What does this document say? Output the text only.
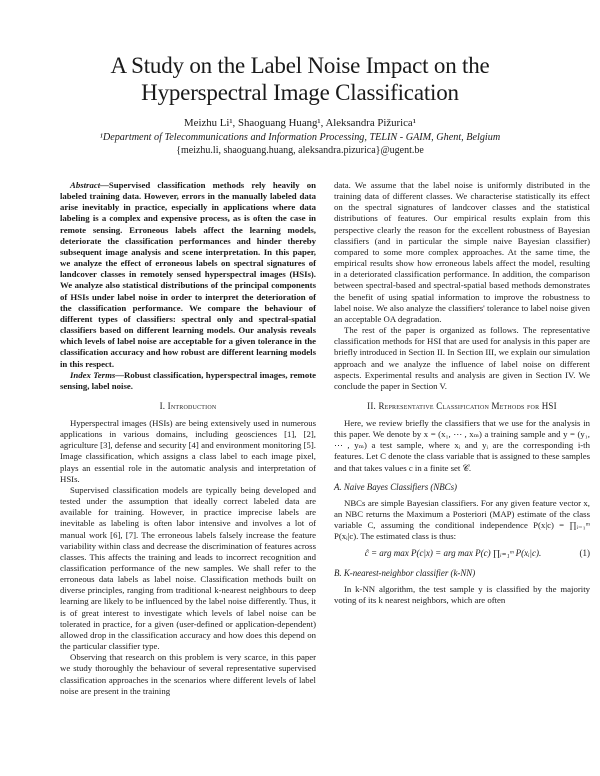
A Study on the Label Noise Impact on the
Hyperspectral Image Classification
Meizhu Li¹, Shaoguang Huang¹, Aleksandra Pižurica¹
¹Department of Telecommunications and Information Processing, TELIN - GAIM, Ghent, Belgium
{meizhu.li, shaoguang.huang, aleksandra.pizurica}@ugent.be

Abstract—Supervised classification methods rely heavily on labeled training data. However, errors in the manually labeled data arise inevitably in practice, especially in applications where data labeling is a complex and expensive process, as is often the case in remote sensing. Erroneous labels affect the learning models, deteriorate the classification performances and hinder thereby subsequent image analysis and scene interpretation. In this paper, we analyze the effect of erroneous labels on spectral signatures of landcover classes in remotely sensed hyperspectral images (HSIs). We analyze also statistical distributions of the principal components of HSIs under label noise in order to interpret the deterioration of the classification performance. We compare the behaviour of different types of classifiers: spectral only and spectral-spatial classifiers based on different learning models. Our analysis reveals which levels of label noise are acceptable for a given tolerance in the classification accuracy and how robust are different learning models in this respect.

Index Terms—Robust classification, hyperspectral images, remote sensing, label noise.

I. Introduction

Hyperspectral images (HSIs) are being extensively used in numerous applications in various domains, including geosciences [1], [2], agriculture [3], defense and security [4] and environment monitoring [5]. Image classification, which assigns a class label to each image pixel, plays an essential role in the automatic analysis and interpretation of HSIs.

Supervised classification models are typically being developed and tested under the assumption that ideally correct labeled data are available for training. However, in practice imprecise labels are inevitable as labeling is often labor intensive and involves a lot of manual work [6], [7]. The erroneous labels falsely increase the feature variability within class and decrease the discrimination of features across classes. This affects the training and leads to incorrect recognition and classification performance of the new samples. We shall refer to the erroneous data labels as label noise. Classification methods built on diverse principles, ranging from traditional k-nearest neighbours to deep learning are likely to be influenced by the label noise differently. Thus, it is of great interest to investigate which levels of label noise can be tolerated in practice, for a given (user-defined or application-dependent) allowed drop in the classification accuracy and how does this depend on the particular classifier type.

Observing that research on this problem is very scarce, in this paper we study thoroughly the behaviour of several representative supervised classification approaches in the scenarios where different levels of label noise are present in the training

data. We assume that the label noise is uniformly distributed in the training data of different classes. We characterise statistically its effect on the spectral signatures of landcover classes and the statistical distributions of features. Our empirical results explain from this perspective clearly the reason for the excellent robustness of Bayesian classifiers (and in particular the simple naive Bayesian classifier) compared to some more complex approaches. At the same time, the empirical results show how erroneous labels affect the model, resulting in a deteriorated classification performance. In addition, the comparison between spectral-based and spectral-spatial based methods demonstrates the benefit of using spatial information to improve the robustness to label noise. We also analyze the classifiers' tolerance to label noise given an acceptable OA degradation.

The rest of the paper is organized as follows. The representative classification methods for HSI that are used for analysis in this paper are briefly introduced in Section II. In Section III, we explain our simulation approach and we analyze the influence of label noise on different aspects. Experimental results and analysis are given in Section IV. We conclude the paper in Section V.

II. Representative Classification Methods for HSI

Here, we review briefly the classifiers that we use for the analysis in this paper. We denote by x = (x₁, ⋯ , xₘ) a training sample and y = (y₁, ⋯ , yₘ) a test sample, where xᵢ and yᵢ are the corresponding i-th features. Let C denote the class variable that is assigned to these samples and that takes values c in a finite set 𝒞.

A. Naive Bayes Classifiers (NBCs)

NBCs are simple Bayesian classifiers. For any given feature vector x, an NBC returns the Maximum a Posteriori (MAP) estimate of the class variable C, assuming the conditional independence P(x|c) = ∏ᵢ₌₁ᵐ P(xᵢ|c). The estimated class is thus:

ĉ = arg max P(c|x) = arg max P(c) ∏ᵢ₌₁ᵐ P(xᵢ|c).	(1)
B. K-nearest-neighbor classifier (k-NN)

In k-NN algorithm, the test sample y is classified by the majority voting of its k nearest neighbors, which are often
